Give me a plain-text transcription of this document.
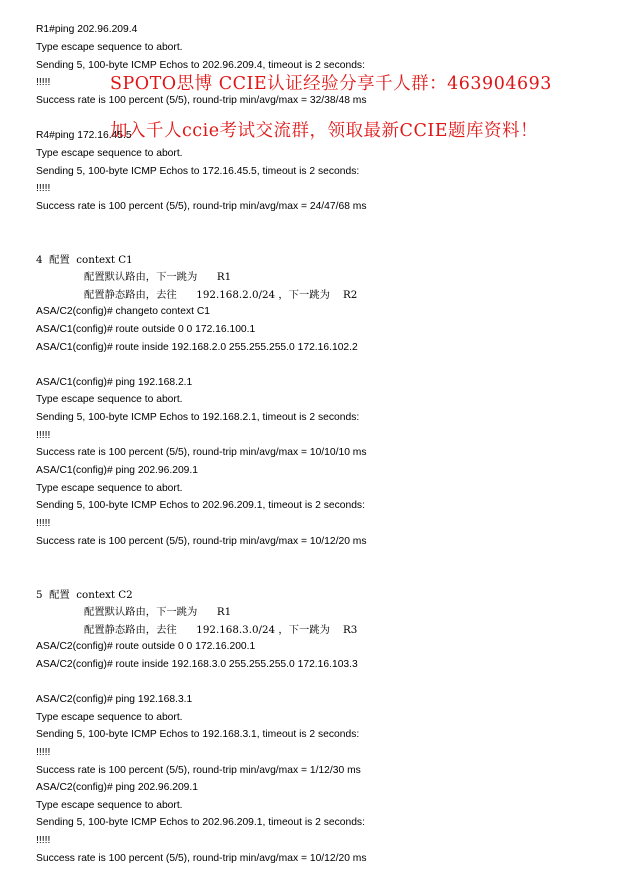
R1#ping 202.96.209.4
Type escape sequence to abort.
Sending 5, 100-byte ICMP Echos to 202.96.209.4, timeout is 2 seconds:
!!!!!
Success rate is 100 percent (5/5), round-trip min/avg/max = 32/38/48 ms
R4#ping 172.16.45.5
Type escape sequence to abort.
Sending 5, 100-byte ICMP Echos to 172.16.45.5, timeout is 2 seconds:
!!!!!
Success rate is 100 percent (5/5), round-trip min/avg/max = 24/47/68 ms
4  配置  context C1
配置默认路由，下一跳为      R1
配置静态路由，去往      192.168.2.0/24 ，下一跳为    R2
ASA/C2(config)# changeto context C1
ASA/C1(config)# route outside 0 0 172.16.100.1
ASA/C1(config)# route inside 192.168.2.0 255.255.255.0 172.16.102.2
ASA/C1(config)# ping 192.168.2.1
Type escape sequence to abort.
Sending 5, 100-byte ICMP Echos to 192.168.2.1, timeout is 2 seconds:
!!!!!
Success rate is 100 percent (5/5), round-trip min/avg/max = 10/10/10 ms
ASA/C1(config)# ping 202.96.209.1
Type escape sequence to abort.
Sending 5, 100-byte ICMP Echos to 202.96.209.1, timeout is 2 seconds:
!!!!!
Success rate is 100 percent (5/5), round-trip min/avg/max = 10/12/20 ms
5  配置  context C2
配置默认路由，下一跳为      R1
配置静态路由，去往      192.168.3.0/24 ，下一跳为    R3
ASA/C2(config)# route outside 0 0 172.16.200.1
ASA/C2(config)# route inside 192.168.3.0 255.255.255.0 172.16.103.3
ASA/C2(config)# ping 192.168.3.1
Type escape sequence to abort.
Sending 5, 100-byte ICMP Echos to 192.168.3.1, timeout is 2 seconds:
!!!!!
Success rate is 100 percent (5/5), round-trip min/avg/max = 1/12/30 ms
ASA/C2(config)# ping 202.96.209.1
Type escape sequence to abort.
Sending 5, 100-byte ICMP Echos to 202.96.209.1, timeout is 2 seconds:
!!!!!
Success rate is 100 percent (5/5), round-trip min/avg/max = 10/12/20 ms
SPOTO思博 CCIE认证经验分享千人群：463904693
加入千人ccie考试交流群，领取最新CCIE题库资料！
